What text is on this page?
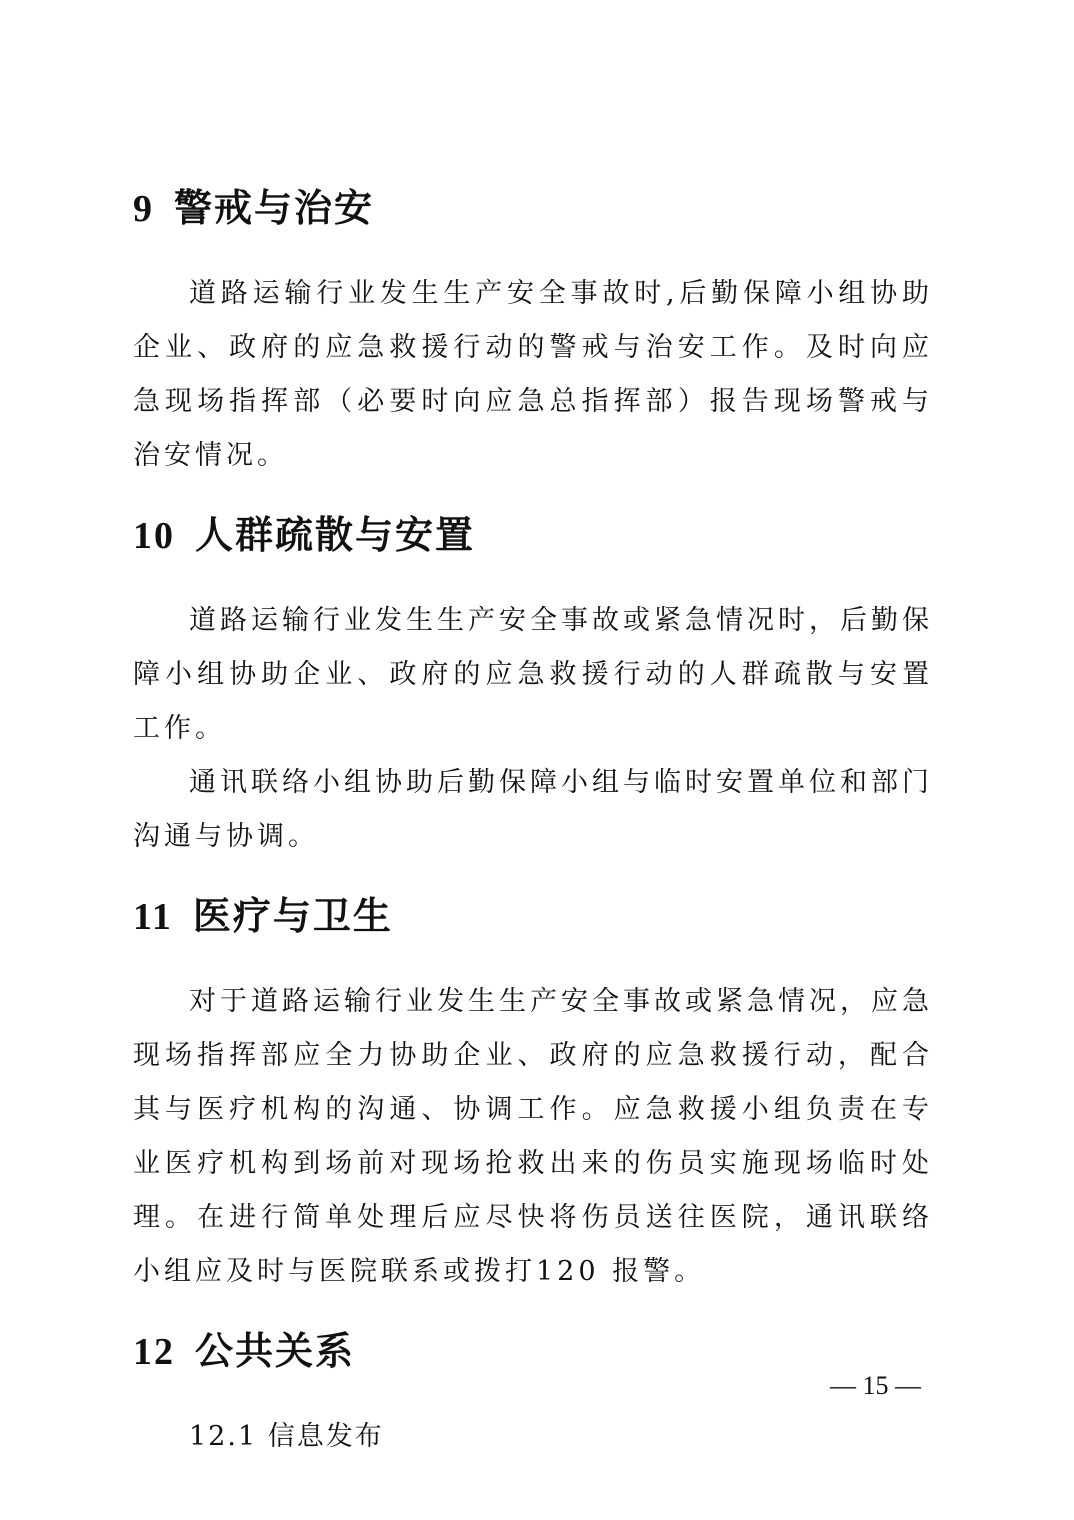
9 警戒与治安

道路运输行业发生生产安全事故时,后勤保障小组协助企业、政府的应急救援行动的警戒与治安工作。及时向应急现场指挥部（必要时向应急总指挥部）报告现场警戒与治安情况。

10 人群疏散与安置

道路运输行业发生生产安全事故或紧急情况时，后勤保障小组协助企业、政府的应急救援行动的人群疏散与安置工作。

通讯联络小组协助后勤保障小组与临时安置单位和部门沟通与协调。

11 医疗与卫生

对于道路运输行业发生生产安全事故或紧急情况，应急现场指挥部应全力协助企业、政府的应急救援行动，配合其与医疗机构的沟通、协调工作。应急救援小组负责在专业医疗机构到场前对现场抢救出来的伤员实施现场临时处理。在进行简单处理后应尽快将伤员送往医院，通讯联络小组应及时与医院联系或拨打120 报警。

12 公共关系

12.1 信息发布

— 15 —
